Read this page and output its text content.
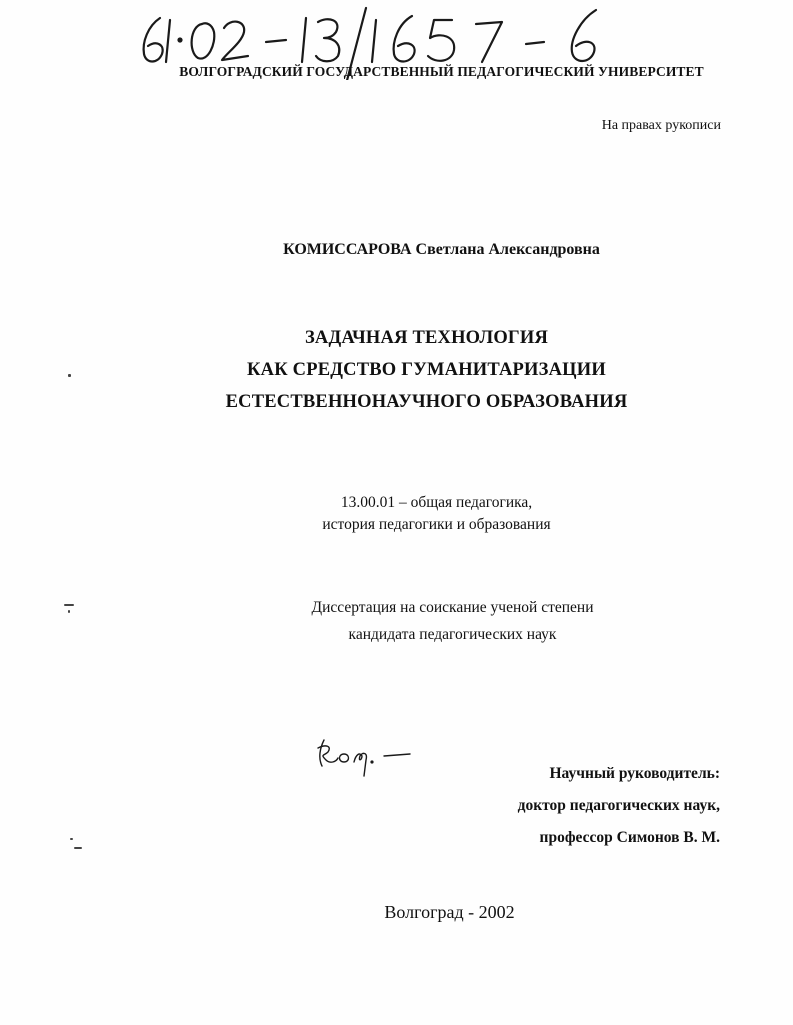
ВОЛГОГРАДСКИЙ ГОСУДАРСТВЕННЫЙ ПЕДАГОГИЧЕСКИЙ УНИВЕРСИТЕТ

На правах рукописи

КОМИССАРОВА Светлана Александровна

ЗАДАЧНАЯ ТЕХНОЛОГИЯ
КАК СРЕДСТВО ГУМАНИТАРИЗАЦИИ
ЕСТЕСТВЕННОНАУЧНОГО ОБРАЗОВАНИЯ
13.00.01 – общая педагогика,
история педагогики и образования
Диссертация на соискание ученой степени
кандидата педагогических наук
Научный руководитель:
доктор педагогических наук,
профессор Симонов В. М.

Волгоград - 2002
